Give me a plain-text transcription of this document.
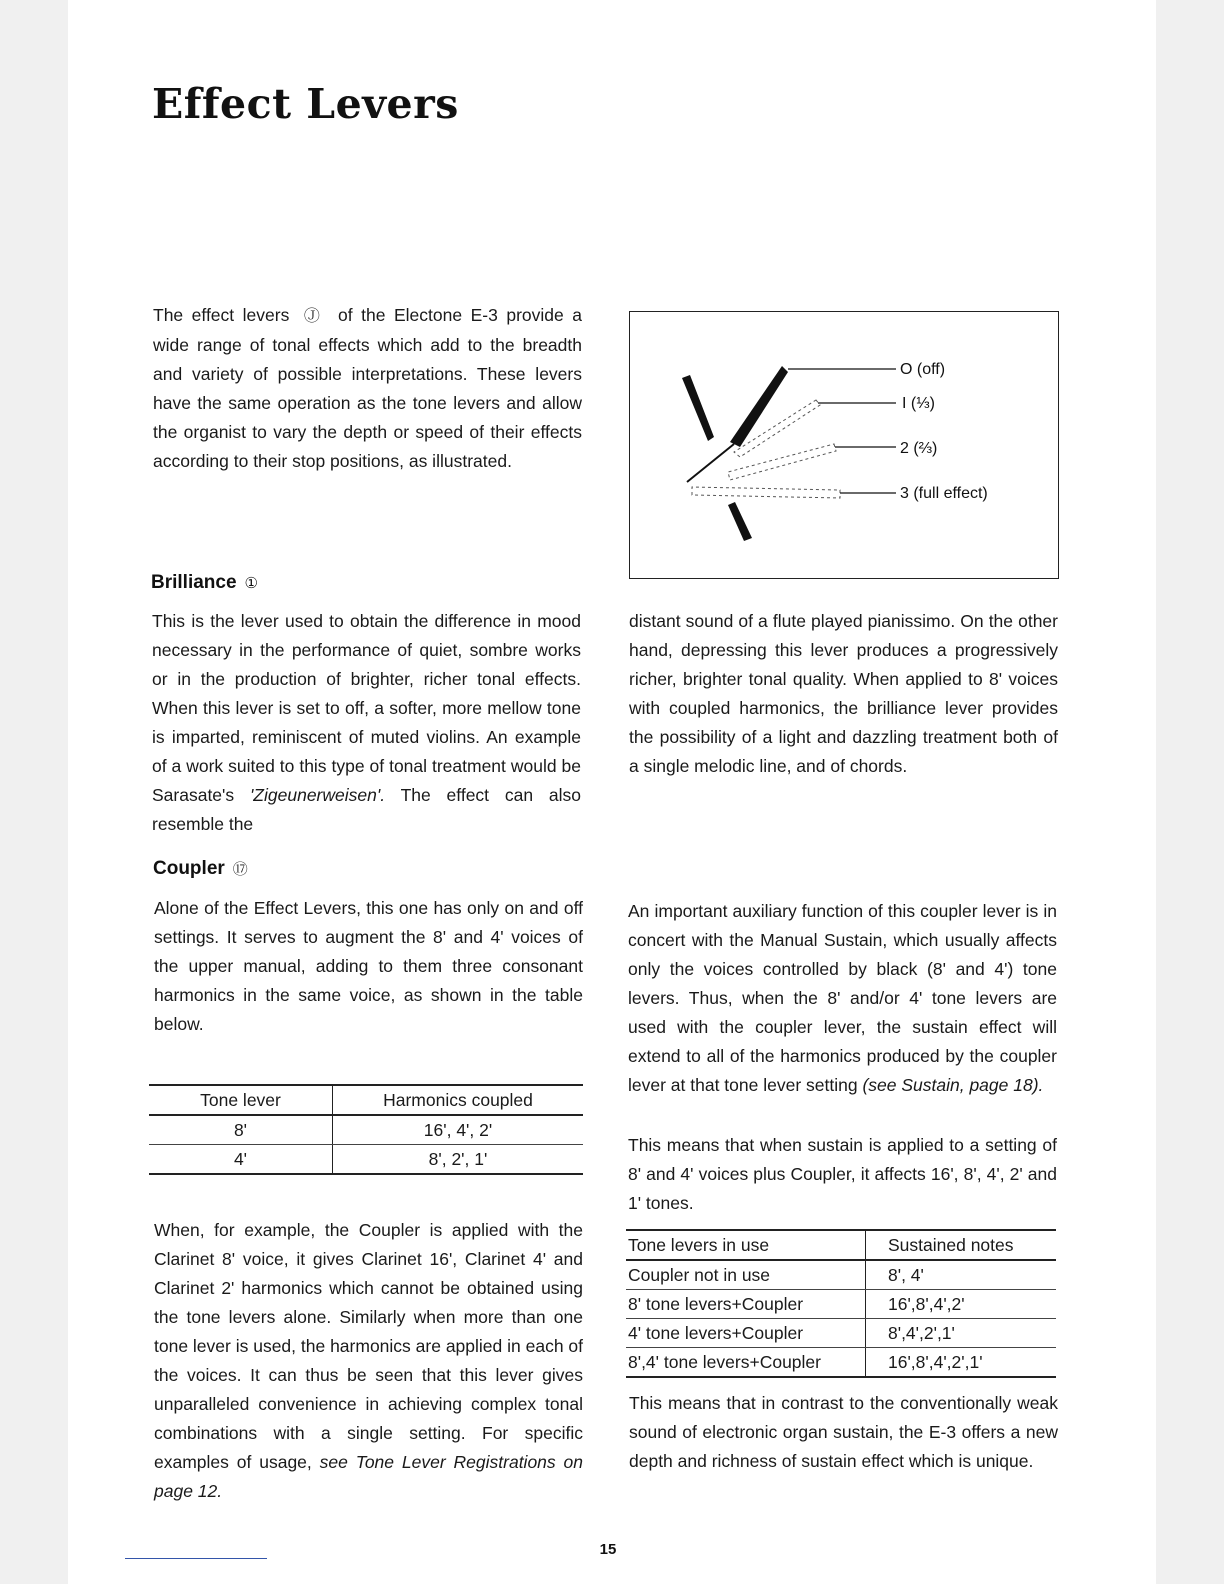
Effect Levers
The effect levers Ⓙ of the Electone E-3 provide a wide range of tonal effects which add to the breadth and variety of possible interpretations. These levers have the same operation as the tone levers and allow the organist to vary the depth or speed of their effects according to their stop positions, as illustrated.
O (off)
I (⅓)
2 (⅔)
3 (full effect)
Brilliance ①
This is the lever used to obtain the difference in mood necessary in the performance of quiet, sombre works or in the production of brighter, richer tonal effects. When this lever is set to off, a softer, more mellow tone is imparted, reminiscent of muted violins. An example of a work suited to this type of tonal treatment would be Sarasate's 'Zigeunerweisen'. The effect can also resemble the
distant sound of a flute played pianissimo. On the other hand, depressing this lever produces a progressively richer, brighter tonal quality. When applied to 8' voices with coupled harmonics, the brilliance lever provides the possibility of a light and dazzling treatment both of a single melodic line, and of chords.
Coupler ⑰
Alone of the Effect Levers, this one has only on and off settings. It serves to augment the 8' and 4' voices of the upper manual, adding to them three consonant harmonics in the same voice, as shown in the table below.
Tone lever	Harmonics coupled
8'	16', 4', 2'
4'	8', 2', 1'
When, for example, the Coupler is applied with the Clarinet 8' voice, it gives Clarinet 16', Clarinet 4' and Clarinet 2' harmonics which cannot be obtained using the tone levers alone. Similarly when more than one tone lever is used, the harmonics are applied in each of the voices. It can thus be seen that this lever gives unparalleled convenience in achieving complex tonal combinations with a single setting. For specific examples of usage, see Tone Lever Registrations on page 12.
An important auxiliary function of this coupler lever is in concert with the Manual Sustain, which usually affects only the voices controlled by black (8' and 4') tone levers. Thus, when the 8' and/or 4' tone levers are used with the coupler lever, the sustain effect will extend to all of the harmonics produced by the coupler lever at that tone lever setting (see Sustain, page 18).
This means that when sustain is applied to a setting of 8' and 4' voices plus Coupler, it affects 16', 8', 4', 2' and 1' tones.
Tone levers in use	Sustained notes
Coupler not in use	8', 4'
8' tone levers+Coupler	16',8',4',2'
4' tone levers+Coupler	8',4',2',1'
8',4' tone levers+Coupler	16',8',4',2',1'
This means that in contrast to the conventionally weak sound of electronic organ sustain, the E-3 offers a new depth and richness of sustain effect which is unique.
15
